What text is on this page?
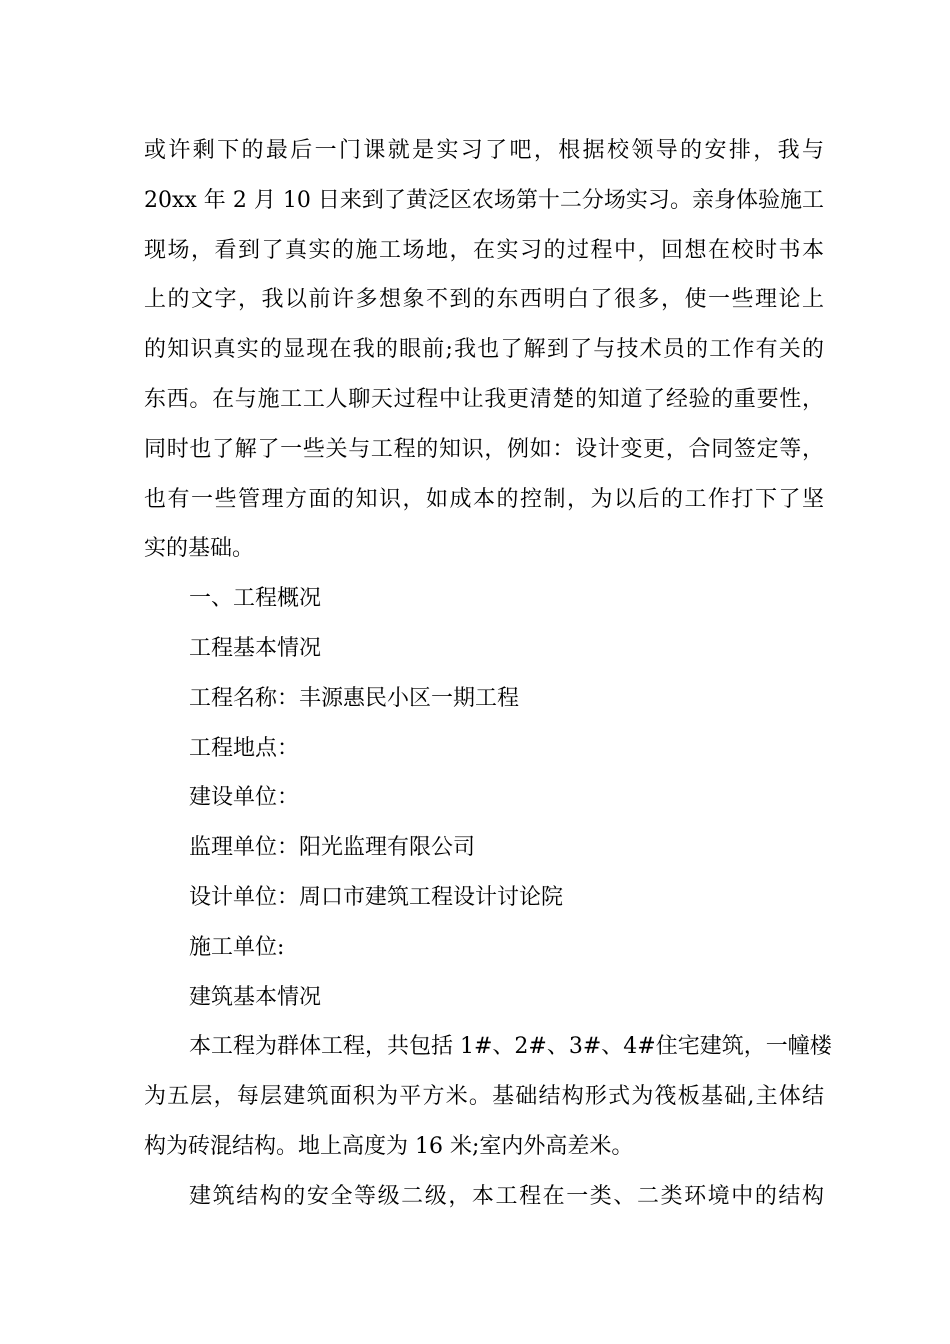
或许剩下的最后一门课就是实习了吧，根据校领导的安排，我与
20xx 年 2 月 10 日来到了黄泛区农场第十二分场实习。亲身体验施工
现场，看到了真实的施工场地，在实习的过程中，回想在校时书本
上的文字，我以前许多想象不到的东西明白了很多，使一些理论上
的知识真实的显现在我的眼前;我也了解到了与技术员的工作有关的
东西。在与施工工人聊天过程中让我更清楚的知道了经验的重要性，
同时也了解了一些关与工程的知识，例如：设计变更，合同签定等，
也有一些管理方面的知识，如成本的控制，为以后的工作打下了坚
实的基础。
一、工程概况
工程基本情况
工程名称：丰源惠民小区一期工程
工程地点：
建设单位：
监理单位：阳光监理有限公司
设计单位：周口市建筑工程设计讨论院
施工单位:
建筑基本情况
本工程为群体工程，共包括 1#、2#、3#、4#住宅建筑，一幢楼
为五层，每层建筑面积为平方米。基础结构形式为筏板基础,主体结
构为砖混结构。地上高度为 16 米;室内外高差米。
建筑结构的安全等级二级，本工程在一类、二类环境中的结构
